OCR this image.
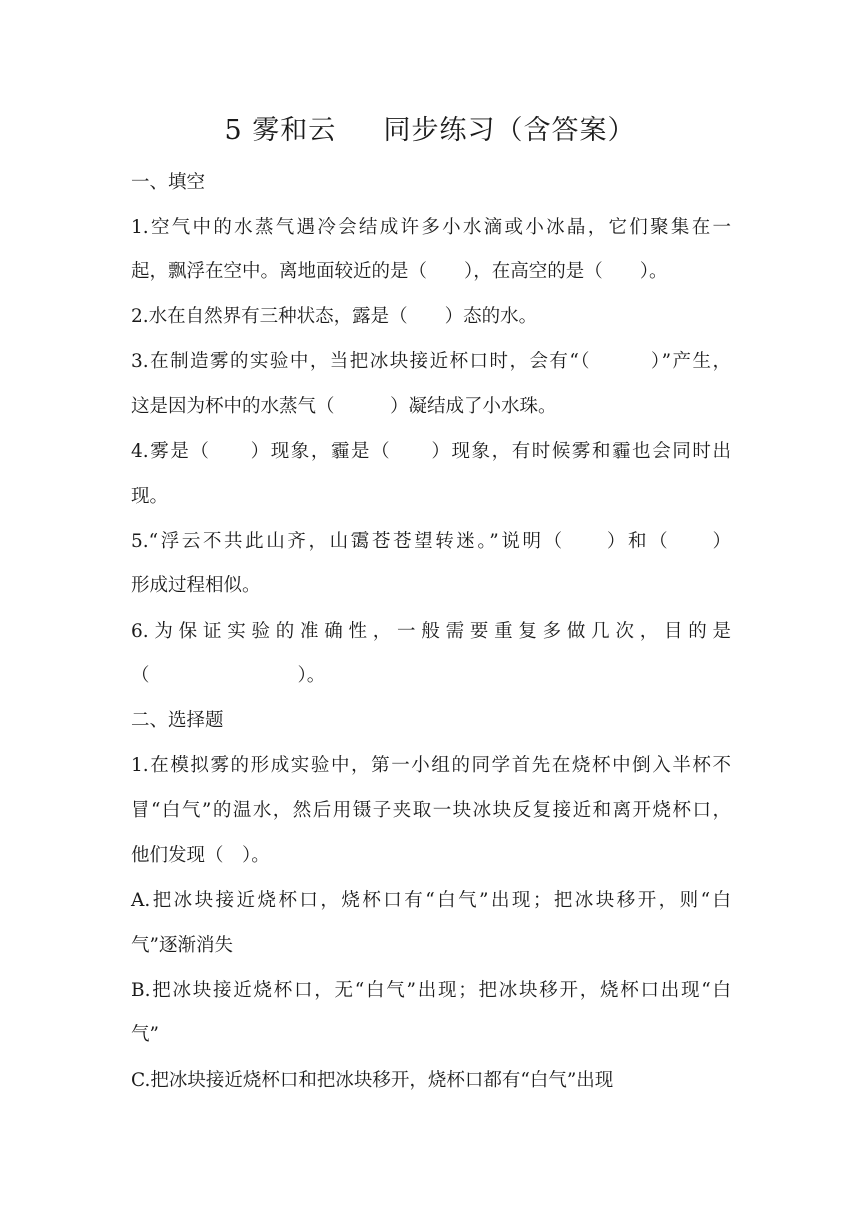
5 雾和云 　 同步练习（含答案）
一、填空
1.空气中的水蒸气遇冷会结成许多小水滴或小冰晶，它们聚集在一
起，飘浮在空中。离地面较近的是（　　），在高空的是（　　）。
2.水在自然界有三种状态，露是（　　）态的水。
3.在制造雾的实验中，当把冰块接近杯口时，会有“（　　　）”产生，
这是因为杯中的水蒸气（　　　）凝结成了小水珠。
4.雾是（　　）现象，霾是（　　）现象，有时候雾和霾也会同时出
现。
5.“浮云不共此山齐，山霭苍苍望转迷。”说明（　　）和（　　）
形成过程相似。
6.为保证实验的准确性，一般需要重复多做几次，目的是
（　　　　　　　　）。
二、选择题
1.在模拟雾的形成实验中，第一小组的同学首先在烧杯中倒入半杯不
冒“白气”的温水，然后用镊子夹取一块冰块反复接近和离开烧杯口，
他们发现（　）。
A.把冰块接近烧杯口，烧杯口有“白气”出现；把冰块移开，则“白
气”逐渐消失
B.把冰块接近烧杯口，无“白气”出现；把冰块移开，烧杯口出现“白
气”
C.把冰块接近烧杯口和把冰块移开，烧杯口都有“白气”出现
